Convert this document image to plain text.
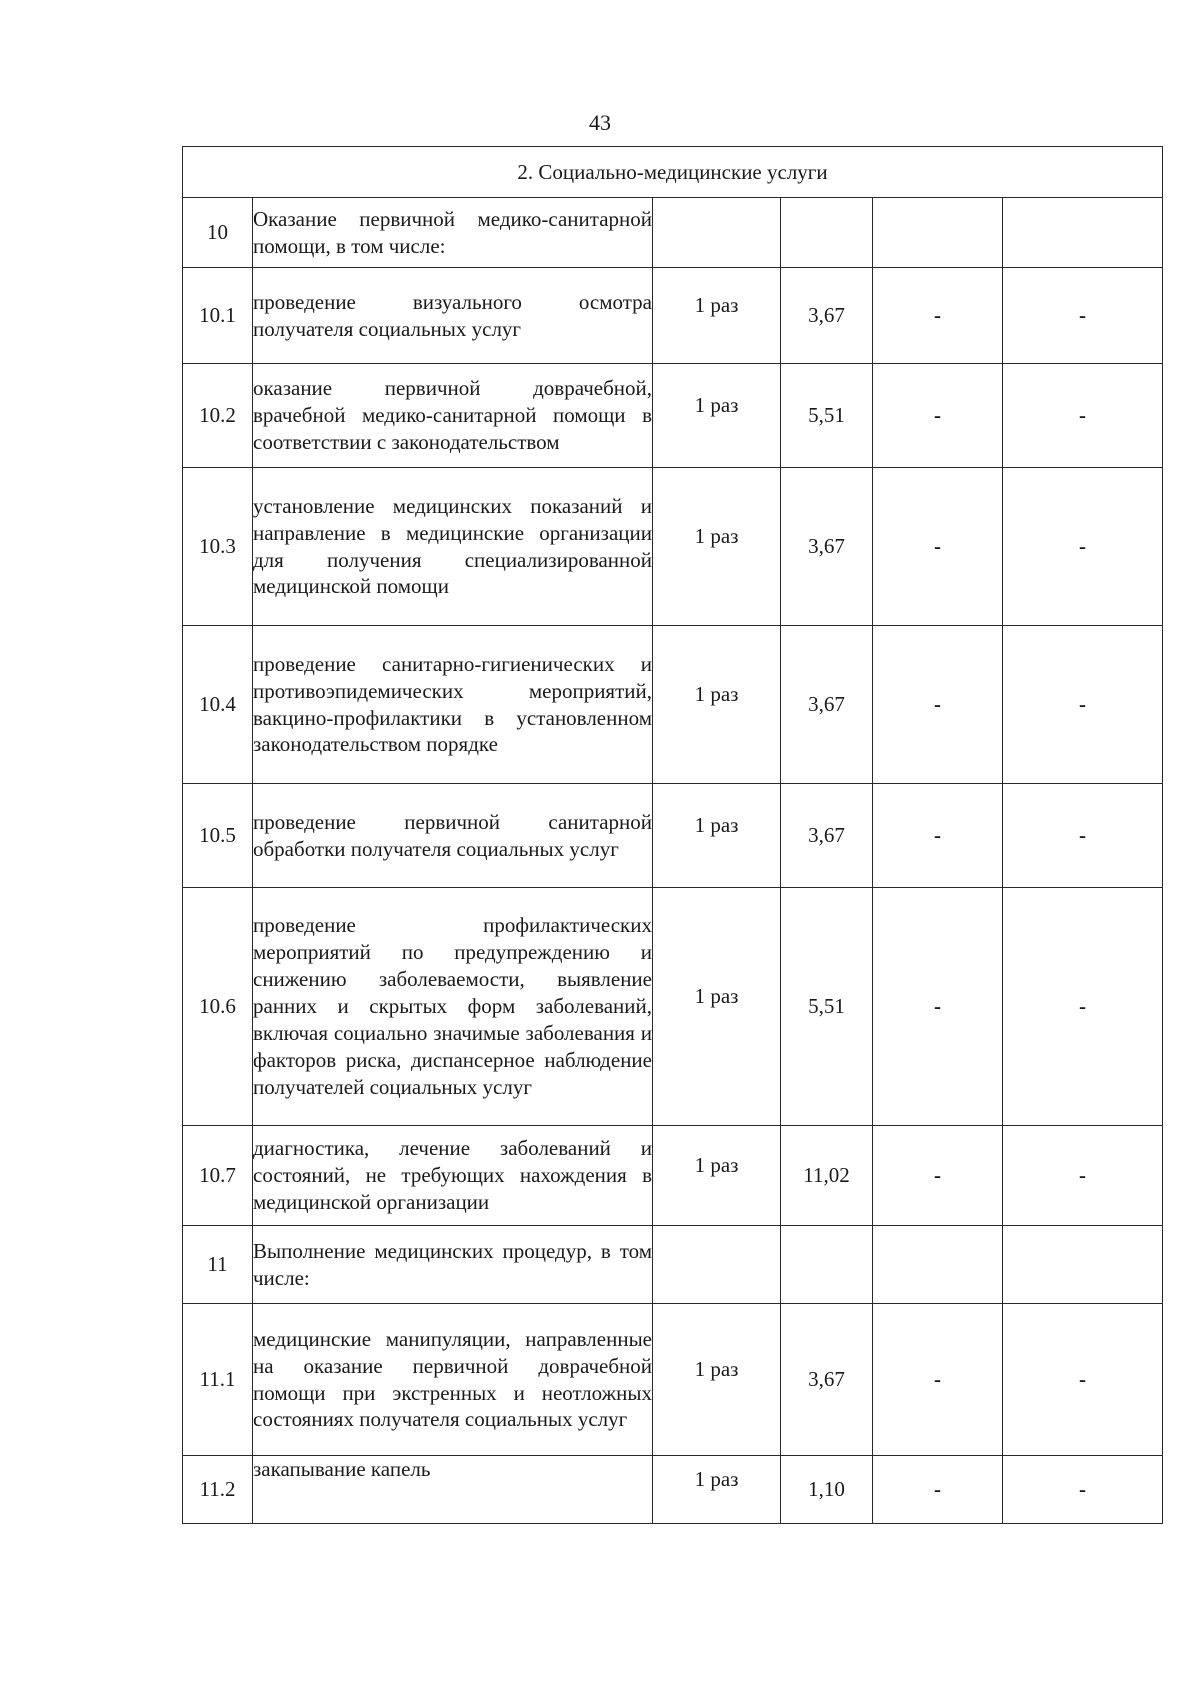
43
2. Социально-медицинские услуги					
10	Оказание первичной медико-санитарной помощи, в том числе:				
10.1	проведение визуального осмотра получателя социальных услуг	1 раз	3,67	-	-
10.2	оказание первичной доврачебной, врачебной медико-санитарной помощи в соответствии с законодательством	1 раз	5,51	-	-
10.3	установление медицинских показаний и направление в медицинские организации для получения специализированной медицинской помощи	1 раз	3,67	-	-
10.4	проведение санитарно-гигиенических и противоэпидемических мероприятий, вакцино-профилактики в установленном законодательством порядке	1 раз	3,67	-	-
10.5	проведение первичной санитарной обработки получателя социальных услуг	1 раз	3,67	-	-
10.6	проведение профилактических мероприятий по предупреждению и снижению заболеваемости, выявление ранних и скрытых форм заболеваний, включая социально значимые заболевания и факторов риска, диспансерное наблюдение получателей социальных услуг	1 раз	5,51	-	-
10.7	диагностика, лечение заболеваний и состояний, не требующих нахождения в медицинской организации	1 раз	11,02	-	-
11	Выполнение медицинских процедур, в том числе:				
11.1	медицинские манипуляции, направленные на оказание первичной доврачебной помощи при экстренных и неотложных состояниях получателя социальных услуг	1 раз	3,67	-	-
11.2	закапывание капель	1 раз	1,10	-	-
